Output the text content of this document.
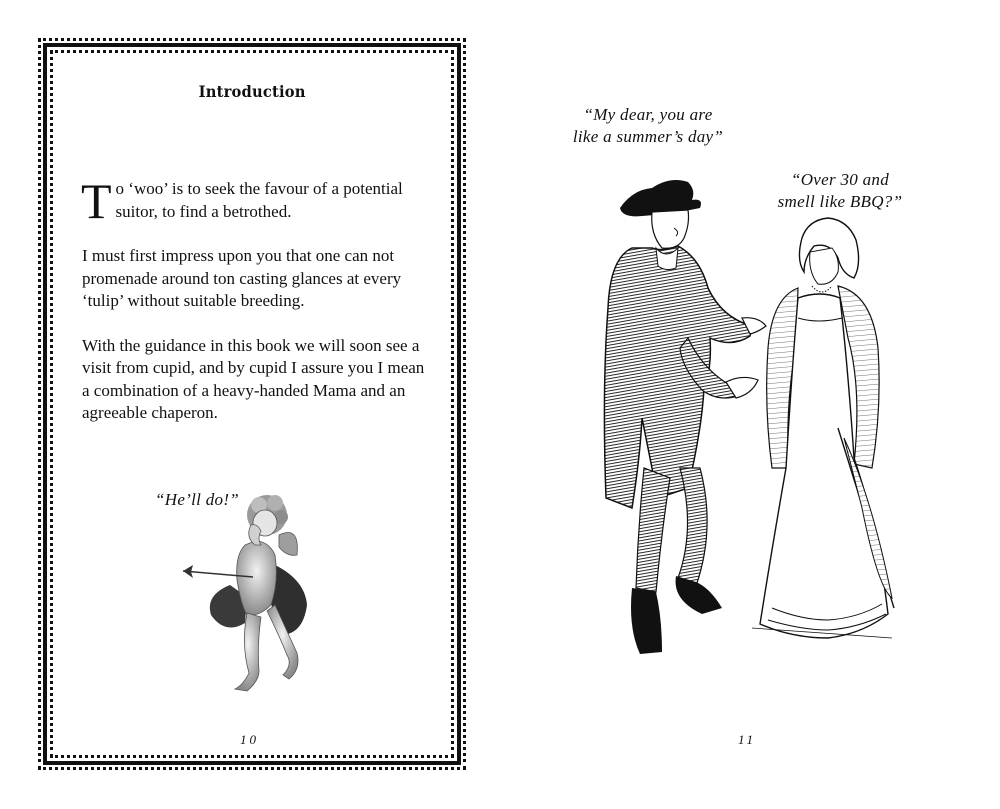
Introduction

To ‘woo’ is to seek the favour of a potential suitor, to find a betrothed.

I must first impress upon you that one can not promenade around ton casting glances at every ‘tulip’ without suitable breeding.

With the guidance in this book we will soon see a visit from cupid, and by cupid I assure you I mean a combination of a heavy-handed Mama and an agreeable chaperon.

“He’ll do!”
10
“My dear, you are
like a summer’s day”
“Over 30 and
smell like BBQ?”
11
